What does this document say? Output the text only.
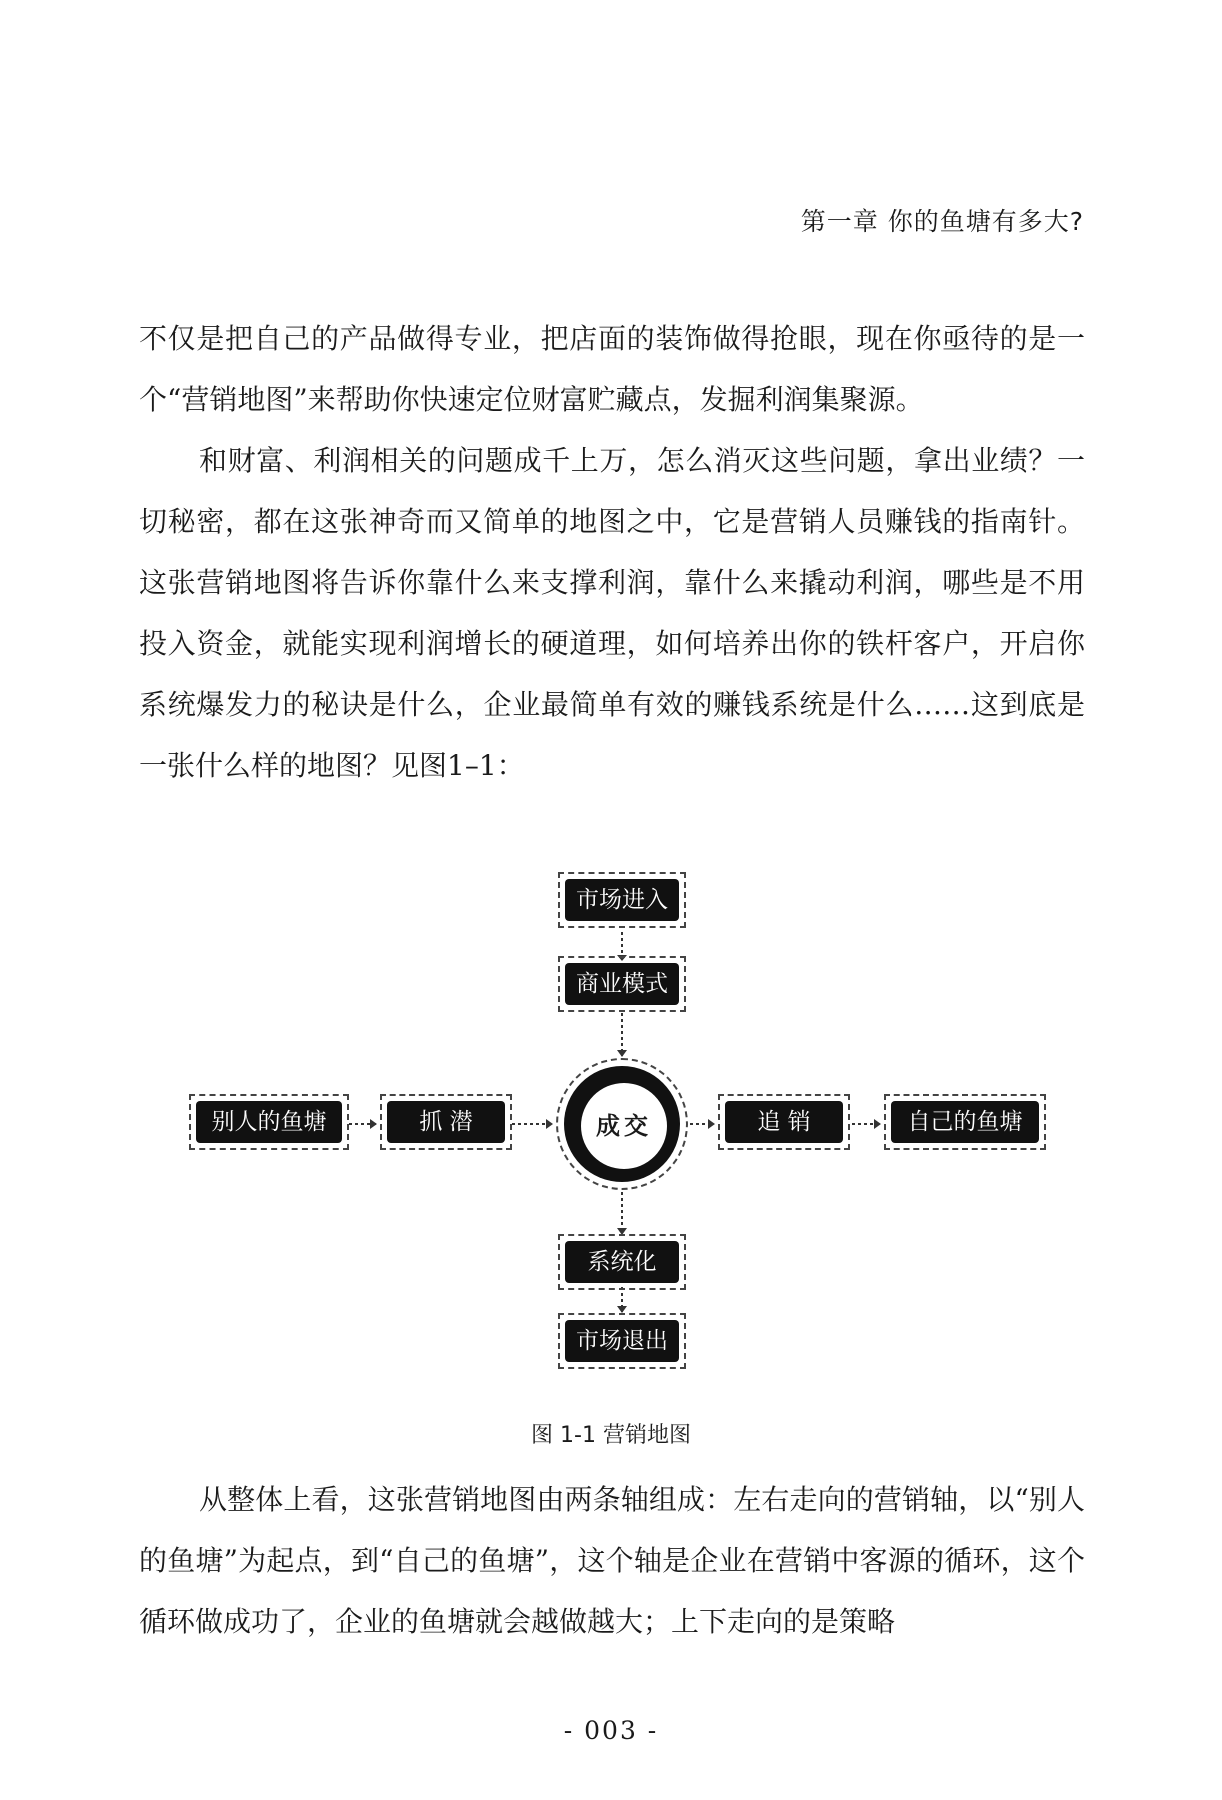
第一章 你的鱼塘有多大?

不仅是把自己的产品做得专业，把店面的装饰做得抢眼，现在你亟待的是一个“营销地图”来帮助你快速定位财富贮藏点，发掘利润集聚源。

和财富、利润相关的问题成千上万，怎么消灭这些问题，拿出业绩？一切秘密，都在这张神奇而又简单的地图之中，它是营销人员赚钱的指南针。这张营销地图将告诉你靠什么来支撑利润，靠什么来撬动利润，哪些是不用投入资金，就能实现利润增长的硬道理，如何培养出你的铁杆客户，开启你系统爆发力的秘诀是什么，企业最简单有效的赚钱系统是什么……这到底是一张什么样的地图？见图1–1：

市场进入
商业模式
别人的鱼塘	抓 潜	成交	追 销	自己的鱼塘
系统化
市场退出
图 1-1 营销地图

从整体上看，这张营销地图由两条轴组成：左右走向的营销轴，以“别人的鱼塘”为起点，到“自己的鱼塘”，这个轴是企业在营销中客源的循环，这个循环做成功了，企业的鱼塘就会越做越大；上下走向的是策略

- 003 -
